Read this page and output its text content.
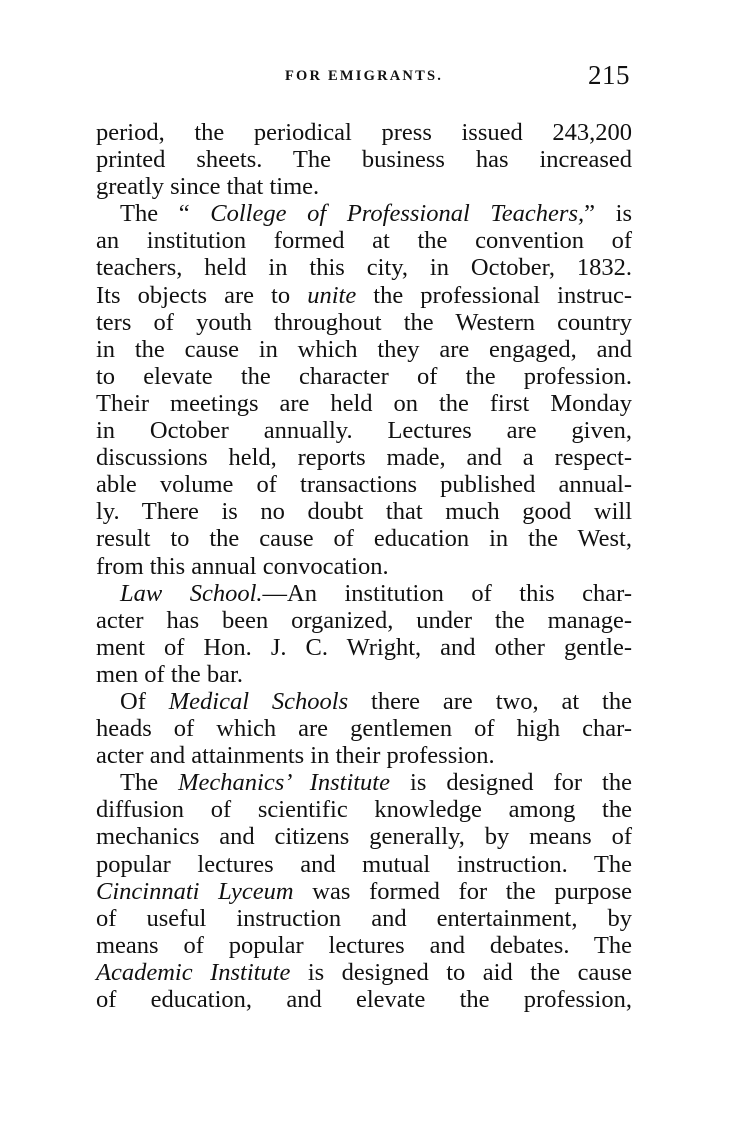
FOR EMIGRANTS.	215
period, the periodical press issued 243,200
printed sheets. The business has increased
greatly since that time.
The “ College of Professional Teachers,” is
an institution formed at the convention of
teachers, held in this city, in October, 1832.
Its objects are to unite the professional instruc-
ters of youth throughout the Western country
in the cause in which they are engaged, and
to elevate the character of the profession.
Their meetings are held on the first Monday
in October annually. Lectures are given,
discussions held, reports made, and a respect-
able volume of transactions published annual-
ly. There is no doubt that much good will
result to the cause of education in the West,
from this annual convocation.
Law School.—An institution of this char-
acter has been organized, under the manage-
ment of Hon. J. C. Wright, and other gentle-
men of the bar.
Of Medical Schools there are two, at the
heads of which are gentlemen of high char-
acter and attainments in their profession.
The Mechanics’ Institute is designed for the
diffusion of scientific knowledge among the
mechanics and citizens generally, by means of
popular lectures and mutual instruction. The
Cincinnati Lyceum was formed for the purpose
of useful instruction and entertainment, by
means of popular lectures and debates. The
Academic Institute is designed to aid the cause
of education, and elevate the profession,
